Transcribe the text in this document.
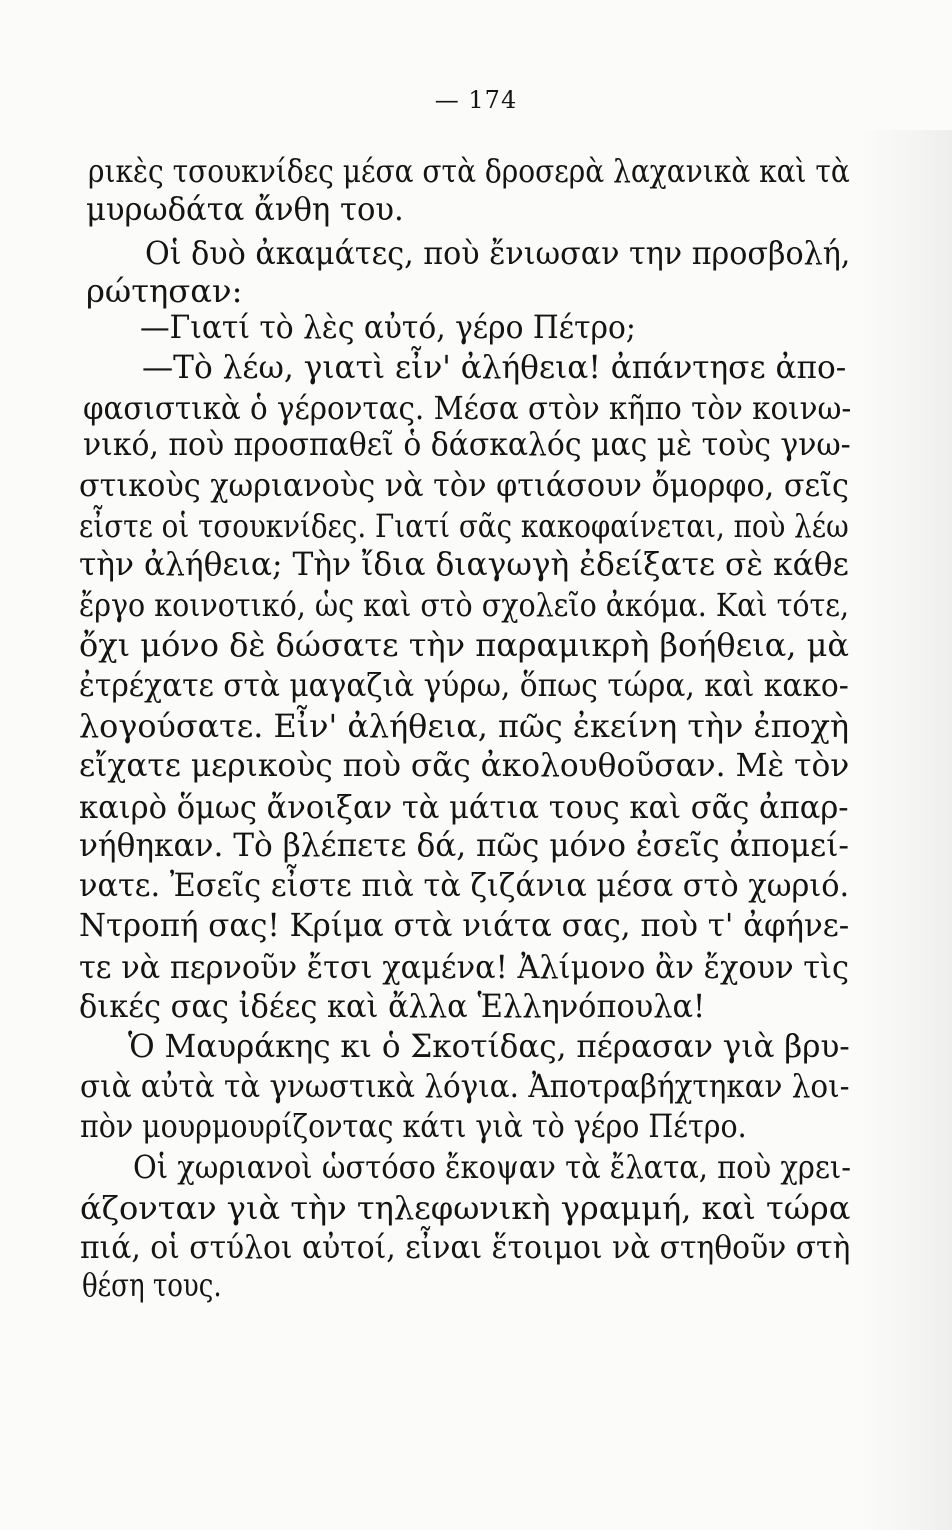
— 174
ρικὲς τσουκνίδες μέσα στὰ δροσερὰ λαχανικὰ καὶ τὰ
μυρωδάτα ἄνθη του.
Οἱ δυὸ ἀκαμάτες, ποὺ ἔνιωσαν την προσβολή,
ρώτησαν:
—Γιατί τὸ λὲς αὐτό, γέρο Πέτρο;
—Τὸ λέω, γιατὶ εἶν' ἀλήθεια! ἀπάντησε ἀπο-
φασιστικὰ ὁ γέροντας. Μέσα στὸν κῆπο τὸν κοινω-
νικό, ποὺ προσπαθεῖ ὁ δάσκαλός μας μὲ τοὺς γνω-
στικοὺς χωριανοὺς νὰ τὸν φτιάσουν ὄμορφο, σεῖς
εἶστε οἱ τσουκνίδες. Γιατί σᾶς κακοφαίνεται, ποὺ λέω
τὴν ἀλήθεια; Τὴν ἴδια διαγωγὴ ἐδείξατε σὲ κάθε
ἔργο κοινοτικό, ὡς καὶ στὸ σχολεῖο ἀκόμα. Καὶ τότε,
ὄχι μόνο δὲ δώσατε τὴν παραμικρὴ βοήθεια, μὰ
ἐτρέχατε στὰ μαγαζιὰ γύρω, ὅπως τώρα, καὶ κακο-
λογούσατε. Εἶν' ἀλήθεια, πῶς ἐκείνη τὴν ἐποχὴ
εἴχατε μερικοὺς ποὺ σᾶς ἀκολουθοῦσαν. Μὲ τὸν
καιρὸ ὅμως ἄνοιξαν τὰ μάτια τους καὶ σᾶς ἀπαρ-
νήθηκαν. Τὸ βλέπετε δά, πῶς μόνο ἐσεῖς ἀπομεί-
νατε. Ἐσεῖς εἶστε πιὰ τὰ ζιζάνια μέσα στὸ χωριό.
Ντροπή σας! Κρίμα στὰ νιάτα σας, ποὺ τ' ἀφήνε-
τε νὰ περνοῦν ἔτσι χαμένα! Ἀλίμονο ἂν ἔχουν τὶς
δικές σας ἰδέες καὶ ἄλλα Ἑλληνόπουλα!
Ὁ Μαυράκης κι ὁ Σκοτίδας, πέρασαν γιὰ βρυ-
σιὰ αὐτὰ τὰ γνωστικὰ λόγια. Ἀποτραβήχτηκαν λοι-
πὸν μουρμουρίζοντας κάτι γιὰ τὸ γέρο Πέτρο.
Οἱ χωριανοὶ ὡστόσο ἔκοψαν τὰ ἔλατα, ποὺ χρει-
άζονταν γιὰ τὴν τηλεφωνικὴ γραμμή, καὶ τώρα
πιά, οἱ στύλοι αὐτοί, εἶναι ἕτοιμοι νὰ στηθοῦν στὴ
θέση τους.
